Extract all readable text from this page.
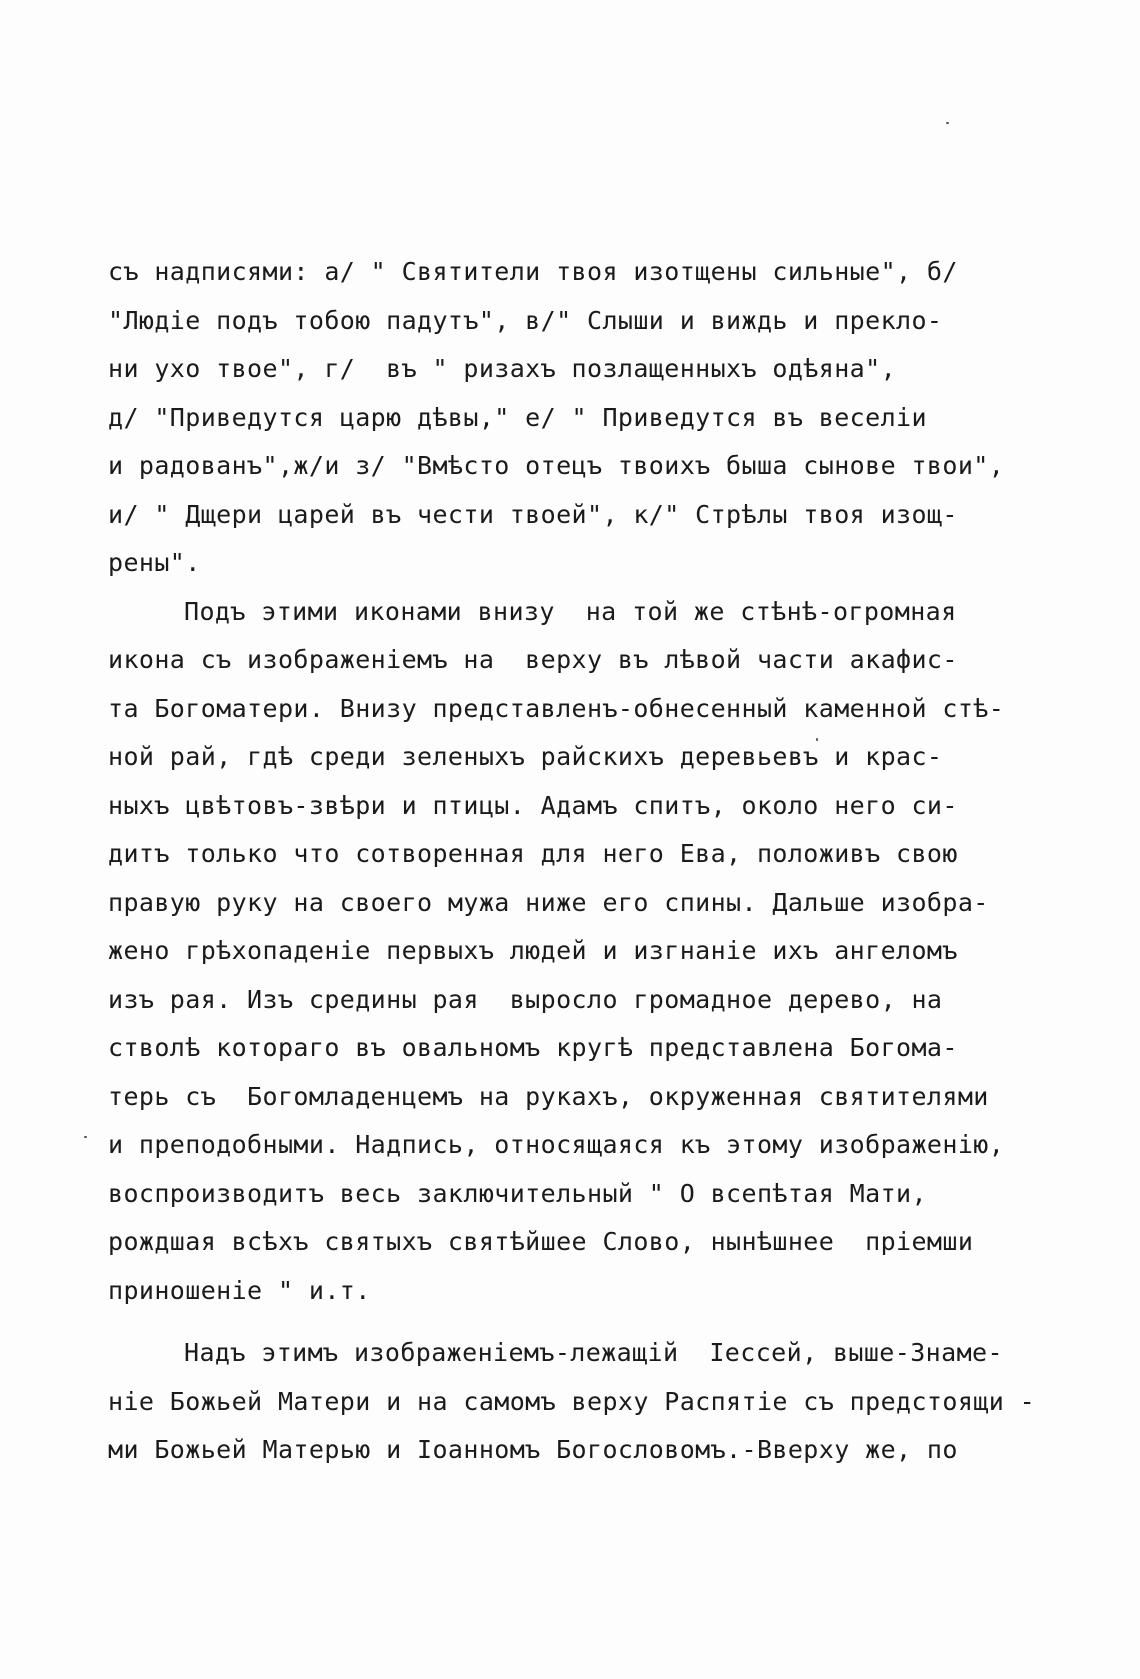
съ надписями: а/ " Святители твоя изотщены сильные", б/
"Людіе подъ тобою падутъ", в/" Слыши и виждь и прекло-
ни ухо твое", г/  въ " ризахъ позлащенныхъ одѣяна",
д/ "Приведутся царю дѣвы," е/ " Приведутся въ веселіи
и радованъ",ж/и з/ "Вмѣсто отецъ твоихъ быша сынове твои",
и/ " Дщери царей въ чести твоей", к/" Стрѣлы твоя изощ-
рены".
Подъ этими иконами внизу  на той же стѣнѣ-огромная
икона съ изображеніемъ на  верху въ лѣвой части акафис-
та Богоматери. Внизу представленъ-обнесенный каменной стѣ-
ной рай, гдѣ среди зеленыхъ райскихъ деревьевъ и крас-
ныхъ цвѣтовъ-звѣри и птицы. Адамъ спитъ, около него си-
дитъ только что сотворенная для него Ева, положивъ свою
правую руку на своего мужа ниже его спины. Дальше изобра-
жено грѣхопаденіе первыхъ людей и изгнаніе ихъ ангеломъ
изъ рая. Изъ средины рая  выросло громадное дерево, на
стволѣ котораго въ овальномъ кругѣ представлена Богома-
терь съ  Богомладенцемъ на рукахъ, окруженная святителями
и преподобными. Надпись, относящаяся къ этому изображенію,
воспроизводитъ весь заключительный " О всепѣтая Мати,
рождшая всѣхъ святыхъ святѣйшее Слово, нынѣшнее  пріемши
приношеніе " и.т.
Надъ этимъ изображеніемъ-лежащій  Іессей, выше-Знаме-
ніе Божьей Матери и на самомъ верху Распятіе съ предстоящи -
ми Божьей Матерью и Іоанномъ Богословомъ.-Вверху же, по
